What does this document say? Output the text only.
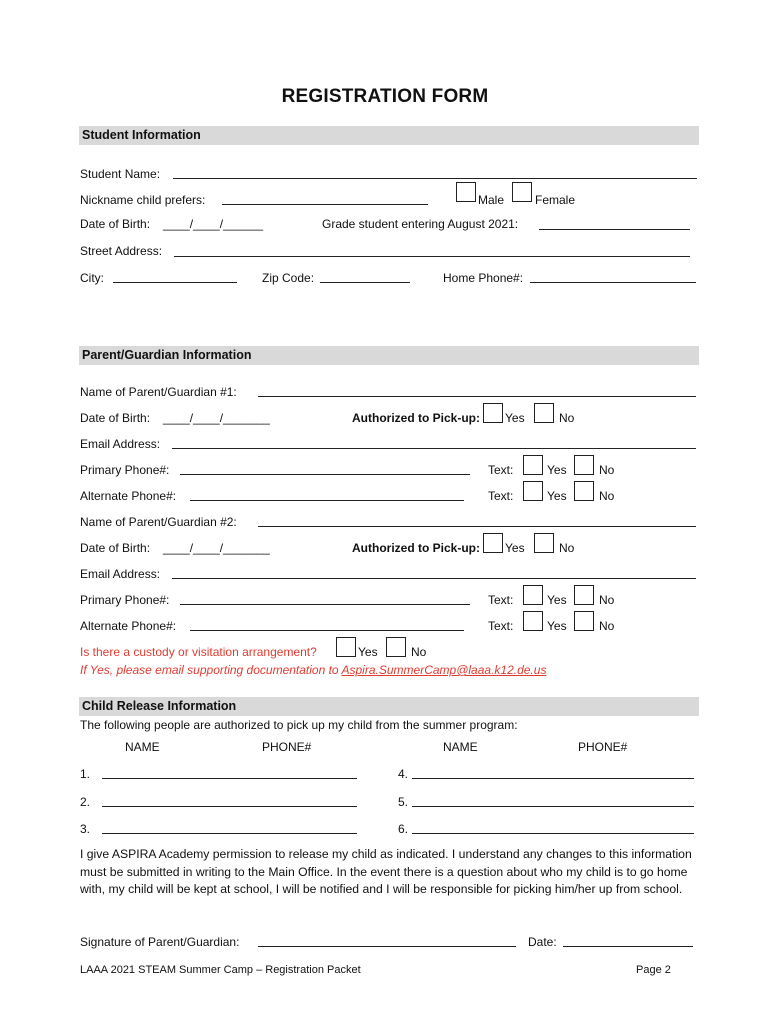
REGISTRATION FORM
Student Information
Student Name:
Nickname child prefers:	Male	Female
Date of Birth: ____/____/______	Grade student entering August 2021:
Street Address:
City:	Zip Code:	Home Phone#:
Parent/Guardian Information
Name of Parent/Guardian #1:
Date of Birth: ____/____/_______	Authorized to Pick-up: Yes	No
Email Address:
Primary Phone#:	Text:	Yes	No
Alternate Phone#:	Text:	Yes	No
Name of Parent/Guardian #2:
Date of Birth: ____/____/_______	Authorized to Pick-up: Yes	No
Email Address:
Primary Phone#:	Text:	Yes	No
Alternate Phone#:	Text:	Yes	No
Is there a custody or visitation arrangement?	Yes	No
If Yes, please email supporting documentation to Aspira.SummerCamp@laaa.k12.de.us
Child Release Information
The following people are authorized to pick up my child from the summer program:
NAME	PHONE#	NAME	PHONE#
1.	4.
2.	5.
3.	6.
I give ASPIRA Academy permission to release my child as indicated. I understand any changes to this information must be submitted in writing to the Main Office. In the event there is a question about who my child is to go home with, my child will be kept at school, I will be notified and I will be responsible for picking him/her up from school.
Signature of Parent/Guardian:	Date:
LAAA 2021 STEAM Summer Camp – Registration Packet	Page 2
